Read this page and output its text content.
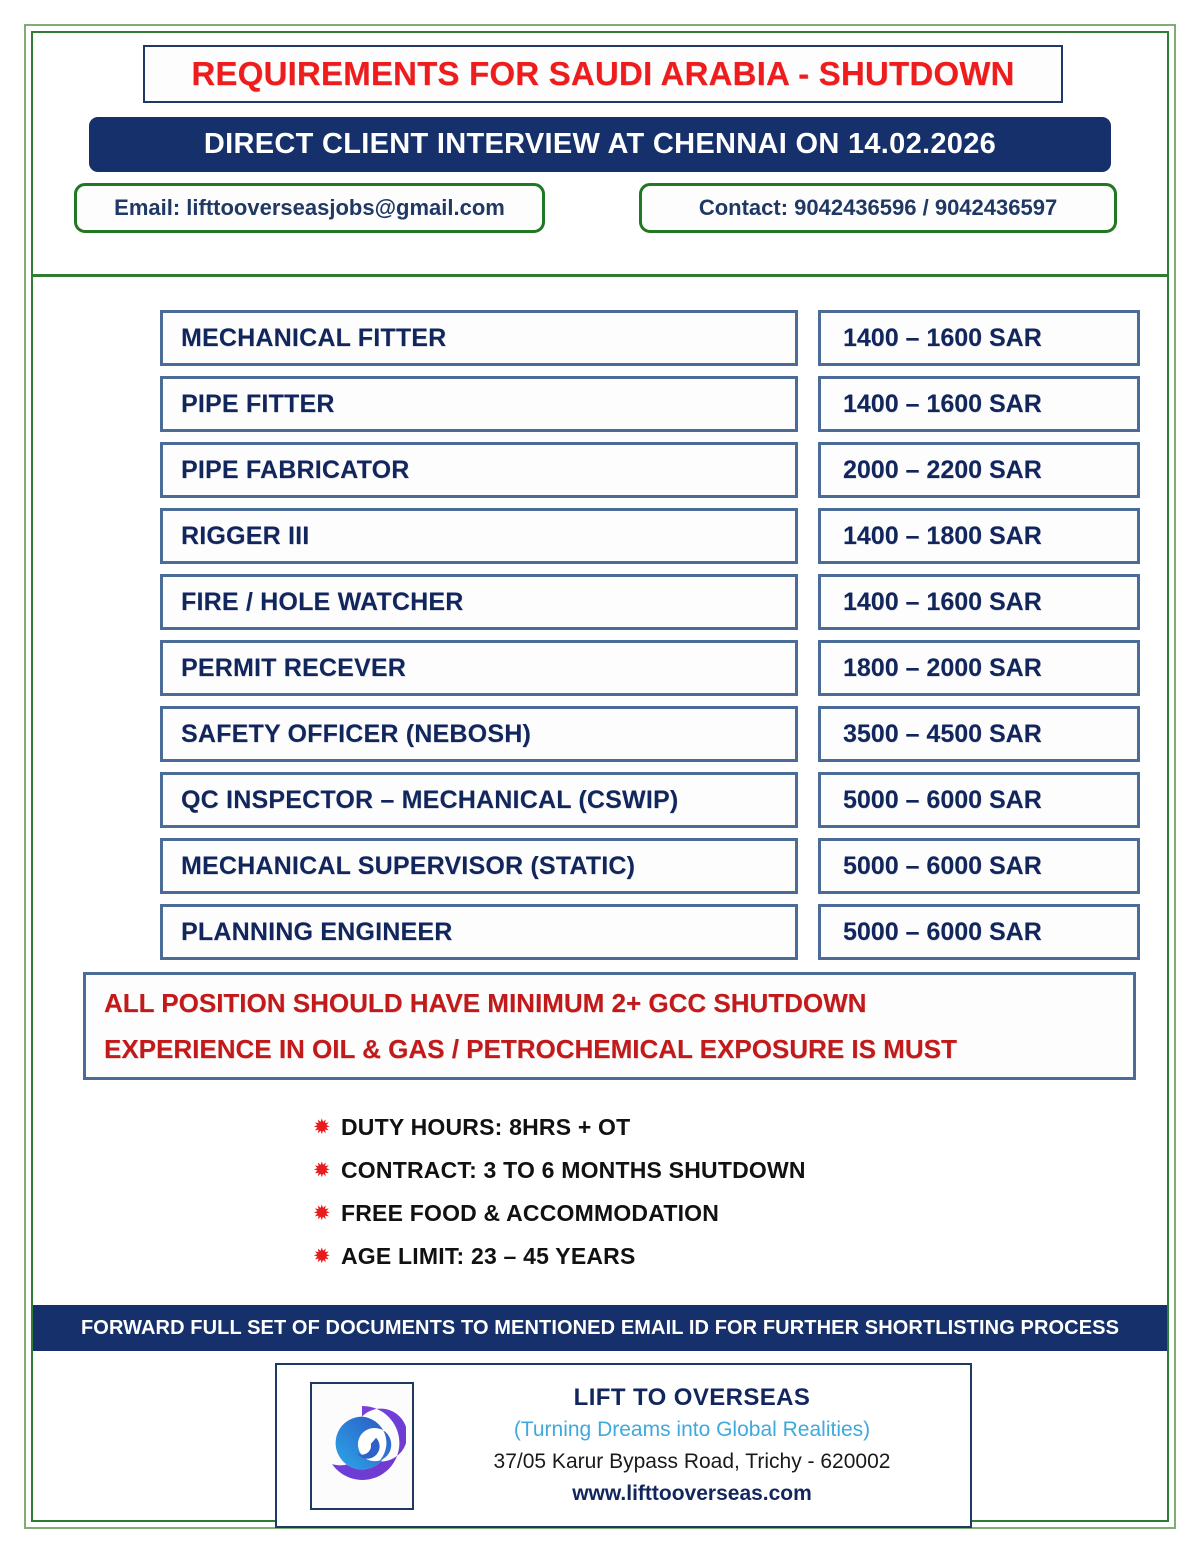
REQUIREMENTS FOR SAUDI ARABIA - SHUTDOWN
DIRECT CLIENT INTERVIEW AT CHENNAI ON 14.02.2026
Email: lifttooverseasjobs@gmail.com	Contact: 9042436596 / 9042436597
MECHANICAL FITTER	1400 – 1600 SAR
PIPE FITTER	1400 – 1600 SAR
PIPE FABRICATOR	2000 – 2200 SAR
RIGGER III	1400 – 1800 SAR
FIRE / HOLE WATCHER	1400 – 1600 SAR
PERMIT RECEVER	1800 – 2000 SAR
SAFETY OFFICER (NEBOSH)	3500 – 4500 SAR
QC INSPECTOR – MECHANICAL (CSWIP)	5000 – 6000 SAR
MECHANICAL SUPERVISOR (STATIC)	5000 – 6000 SAR
PLANNING ENGINEER	5000 – 6000 SAR
ALL POSITION SHOULD HAVE MINIMUM 2+ GCC SHUTDOWN
EXPERIENCE IN OIL & GAS / PETROCHEMICAL EXPOSURE IS MUST
✹ DUTY HOURS: 8HRS + OT
✹ CONTRACT: 3 TO 6 MONTHS SHUTDOWN
✹ FREE FOOD & ACCOMMODATION
✹ AGE LIMIT: 23 – 45 YEARS
FORWARD FULL SET OF DOCUMENTS TO MENTIONED EMAIL ID FOR FURTHER SHORTLISTING PROCESS
LIFT TO OVERSEAS
(Turning Dreams into Global Realities)
37/05 Karur Bypass Road, Trichy - 620002
www.lifttooverseas.com
